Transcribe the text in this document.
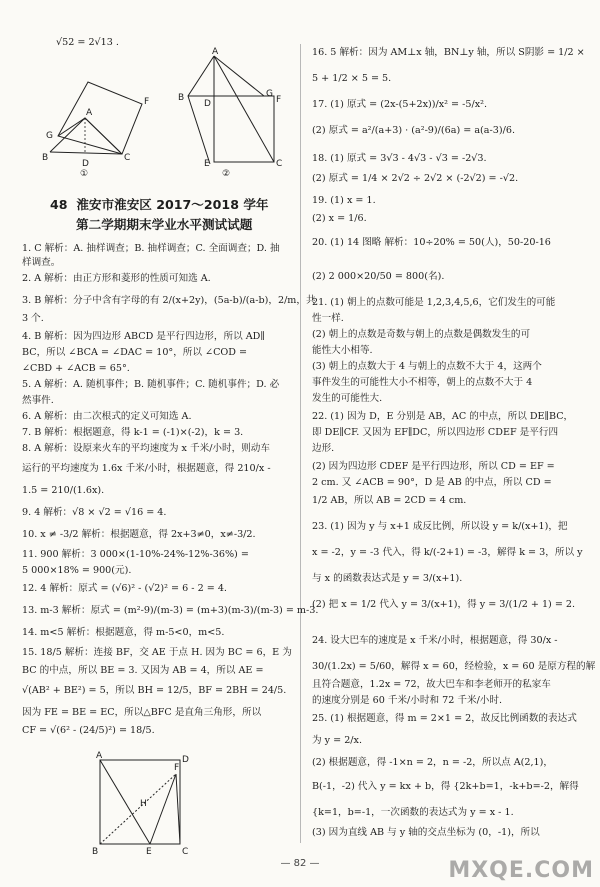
√52 = 2√13 .
G
A
F
D
B	C
①
A
G
B
D	F
E	C
②
48 淮安市淮安区 2017～2018 学年
第二学期期末学业水平测试试题
1. C 解析：A. 抽样调查；B. 抽样调查；C. 全面调查；D. 抽
样调查。
2. A 解析：由正方形和菱形的性质可知选 A.
3. B 解析：分子中含有字母的有 2/(x+2y)，(5a-b)/(a-b)，2/m，共
3 个.
4. B 解析：因为四边形 ABCD 是平行四边形，所以 AD∥
BC，所以 ∠BCA = ∠DAC = 10°，所以 ∠COD =
∠CBD + ∠ACB = 65°.
5. A 解析：A. 随机事件；B. 随机事件；C. 随机事件；D. 必
然事件.
6. A 解析：由二次根式的定义可知选 A.
7. B 解析：根据题意，得 k-1 = (-1)×(-2)，k = 3.
8. A 解析：设原来火车的平均速度为 x 千米/小时，则动车
运行的平均速度为 1.6x 千米/小时，根据题意，得 210/x -
1.5 = 210/(1.6x).
9. 4 解析：√8 × √2 = √16 = 4.
10. x ≠ -3/2 解析：根据题意，得 2x+3≠0，x≠-3/2.
11. 900 解析：3 000×(1-10%-24%-12%-36%) =
5 000×18% = 900(元).
12. 4 解析：原式 = (√6)² - (√2)² = 6 - 2 = 4.
13. m-3 解析：原式 = (m²-9)/(m-3) = (m+3)(m-3)/(m-3) = m-3.
14. m<5 解析：根据题意，得 m-5<0，m<5.
15. 18/5 解析：连接 BF，交 AE 于点 H. 因为 BC = 6，E 为
BC 的中点，所以 BE = 3. 又因为 AB = 4，所以 AE =
√(AB² + BE²) = 5，所以 BH = 12/5，BF = 2BH = 24/5.
因为 FE = BE = EC，所以△BFC 是直角三角形，所以
CF = √(6² - (24/5)²) = 18/5.
A	D
F
H
B	E	C
16. 5 解析：因为 AM⊥x 轴，BN⊥y 轴，所以 S阴影 = 1/2 ×
5 + 1/2 × 5 = 5.
17. (1) 原式 = (2x-(5+2x))/x² = -5/x².
(2) 原式 = a²/(a+3) · (a²-9)/(6a) = a(a-3)/6.
18. (1) 原式 = 3√3 - 4√3 - √3 = -2√3.
(2) 原式 = 1/4 × 2√2 ÷ 2√2 × (-2√2) = -√2.
19. (1) x = 1.
(2) x = 1/6.
20. (1) 14 图略 解析：10÷20% = 50(人)，50-20-16
(2) 2 000×20/50 = 800(名).
21. (1) 朝上的点数可能是 1,2,3,4,5,6，它们发生的可能
性一样.
(2) 朝上的点数是奇数与朝上的点数是偶数发生的可
能性大小相等.
(3) 朝上的点数大于 4 与朝上的点数不大于 4，这两个
事件发生的可能性大小不相等，朝上的点数不大于 4
发生的可能性大.
22. (1) 因为 D，E 分别是 AB，AC 的中点，所以 DE∥BC，
即 DE∥CF. 又因为 EF∥DC，所以四边形 CDEF 是平行四
边形.
(2) 因为四边形 CDEF 是平行四边形，所以 CD = EF =
2 cm. 又 ∠ACB = 90°，D 是 AB 的中点，所以 CD =
1/2 AB，所以 AB = 2CD = 4 cm.
23. (1) 因为 y 与 x+1 成反比例，所以设 y = k/(x+1)，把
x = -2，y = -3 代入，得 k/(-2+1) = -3，解得 k = 3，所以 y
与 x 的函数表达式是 y = 3/(x+1).
(2) 把 x = 1/2 代入 y = 3/(x+1)，得 y = 3/(1/2 + 1) = 2.
24. 设大巴车的速度是 x 千米/小时，根据题意，得 30/x -
30/(1.2x) = 5/60，解得 x = 60，经检验，x = 60 是原方程的解
且符合题意，1.2x = 72，故大巴车和李老师开的私家车
的速度分别是 60 千米/小时和 72 千米/小时.
25. (1) 根据题意，得 m = 2×1 = 2，故反比例函数的表达式
为 y = 2/x.
(2) 根据题意，得 -1×n = 2，n = -2，所以点 A(2,1)，
B(-1，-2) 代入 y = kx + b，得 {2k+b=1，-k+b=-2，解得
{k=1，b=-1，一次函数的表达式为 y = x - 1.
(3) 因为直线 AB 与 y 轴的交点坐标为 (0，-1)，所以
— 82 —	MXQE.COM
